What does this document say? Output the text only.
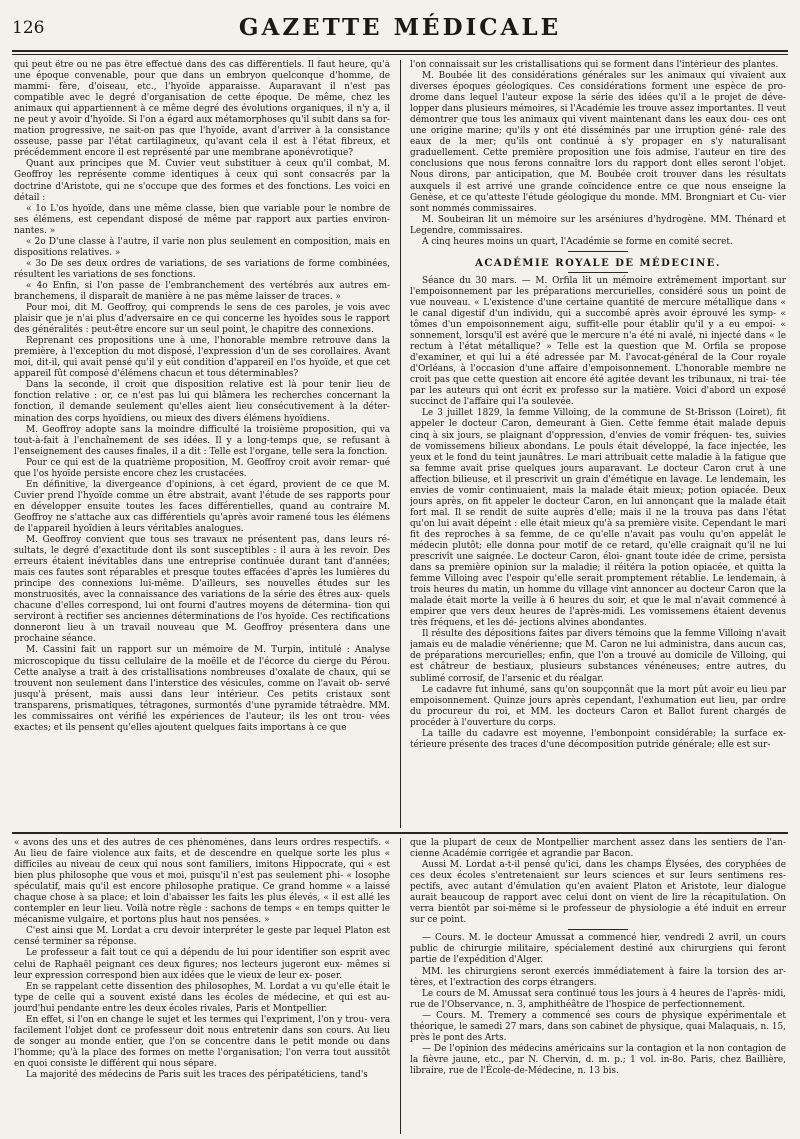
126	GAZETTE MÉDICALE

qui peut être ou ne pas être effectué dans des cas différentiels. Il faut heure, qu'à une époque convenable, pour que dans un embryon quelconque d'homme, de mammi- fère, d'oiseau, etc., l'hyoïde apparaisse. Auparavant il n'est pas compatible avec le degré d'organisation de cette époque. De même, chez les animaux qui appartiennent à ce même degré des évolutions organiques, il n'y a, il ne peut y avoir d'hyoïde. Si l'on a égard aux métamorphoses qu'il subit dans sa for- mation progressive, ne sait-on pas que l'hyoïde, avant d'arriver à la consistance osseuse, passe par l'état cartilagineux, qu'avant cela il est à l'état fibreux, et précédemment encore il est représenté par une membrane aponévrotique?

Quant aux principes que M. Cuvier veut substituer à ceux qu'il combat, M. Geoffroy les représente comme identiques à ceux qui sont consacrés par la doctrine d'Aristote, qui ne s'occupe que des formes et des fonctions. Les voici en détail :

« 1o L'os hyoïde, dans une même classe, bien que variable pour le nombre de ses élémens, est cependant disposé de même par rapport aux parties environ- nantes. »

« 2o D'une classe à l'autre, il varie non plus seulement en composition, mais en dispositions relatives. »

« 3o De ses deux ordres de variations, de ses variations de forme combinées, résultent les variations de ses fonctions.

« 4o Enfin, si l'on passe de l'embranchement des vertébrés aux autres em- branchemens, il disparaît de manière à ne pas même laisser de traces. »

Pour moi, dit M. Geoffroy, qui comprends le sens de ces paroles, je vois avec plaisir que je n'ai plus d'adversaire en ce qui concerne les hyoïdes sous le rapport des généralités : peut-être encore sur un seul point, le chapitre des connexions.

Reprenant ces propositions une à une, l'honorable membre retrouve dans la première, à l'exception du mot disposé, l'expression d'un de ses corollaires. Avant moi, dit-il, qui avait pensé qu'il y eût condition d'appareil en l'os hyoïde, et que cet appareil fût composé d'élémens chacun et tous déterminables?

Dans la seconde, il croit que disposition relative est là pour tenir lieu de fonction relative : or, ce n'est pas lui qui blâmera les recherches concernant la fonction, il demande seulement qu'elles aient lieu consécutivement à la déter- mination des corps hyoïdiens, ou mieux des divers élémens hyoïdiens.

M. Geoffroy adopte sans la moindre difficulté la troisième proposition, qui va tout-à-fait à l'enchaînement de ses idées. Il y a long-temps que, se refusant à l'enseignement des causes finales, il a dit : Telle est l'organe, telle sera la fonction.

Pour ce qui est de la quatrième proposition, M. Geoffroy croit avoir remar- qué que l'os hyoïde persiste encore chez les crustacées.

En définitive, la divergeance d'opinions, à cet égard, provient de ce que M. Cuvier prend l'hyoïde comme un être abstrait, avant l'étude de ses rapports pour en développer ensuite toutes les faces différentielles, quand au contraire M. Geoffroy ne s'attache aux cas différentiels qu'après avoir ramené tous les élémens de l'appareil hyoïdien à leurs véritables analogues.

M. Geoffroy convient que tous ses travaux ne présentent pas, dans leurs ré- sultats, le degré d'exactitude dont ils sont susceptibles : il aura à les revoir. Des erreurs étaient inévitables dans une entreprise continuée durant tant d'années; mais ces fautes sont réparables et presque toutes effacées d'après les lumières du principe des connexions lui-même. D'ailleurs, ses nouvelles études sur les monstruosités, avec la connaissance des variations de la série des êtres aux- quels chacune d'elles correspond, lui ont fourni d'autres moyens de détermina- tion qui serviront à rectifier ses anciennes déterminations de l'os hyoïde. Ces rectifications donneront lieu à un travail nouveau que M. Geoffroy présentera dans une prochaine séance.

M. Cassini fait un rapport sur un mémoire de M. Turpin, intitulé : Analyse microscopique du tissu cellulaire de la moëlle et de l'écorce du cierge du Pérou. Cette analyse a trait à des cristallisations nombreuses d'oxalate de chaux, qui se trouvent non seulement dans l'interstice des vésicules, comme on l'avait ob- servé jusqu'à présent, mais aussi dans leur intérieur. Ces petits cristaux sont transparens, prismatiques, tétragones, surmontés d'une pyramide tétraèdre. MM. les commissaires ont vérifié les expériences de l'auteur; ils les ont trou- vées exactes; et ils pensent qu'elles ajoutent quelques faits importans à ce que

l'on connaissait sur les cristallisations qui se forment dans l'intérieur des plantes.

M. Boubée lit des considérations générales sur les animaux qui vivaient aux diverses époques géologiques. Ces considérations forment une espèce de pro- drome dans lequel l'auteur expose la série des idées qu'il a le projet de déve- lopper dans plusieurs mémoires, si l'Académie les trouve assez importantes. Il veut démontrer que tous les animaux qui vivent maintenant dans les eaux dou- ces ont une origine marine; qu'ils y ont été disséminés par une irruption géné- rale des eaux de la mer; qu'ils ont continué à s'y propager en s'y naturalisant graduellement. Cette première proposition une fois admise, l'auteur en tire des conclusions que nous ferons connaître lors du rapport dont elles seront l'objet. Nous dirons, par anticipation, que M. Boubée croit trouver dans les résultats auxquels il est arrivé une grande coïncidence entre ce que nous enseigne la Genèse, et ce qu'atteste l'étude géologique du monde. MM. Brongniart et Cu- vier sont nommés commissaires.

M. Soubeiran lit un mémoire sur les arséniures d'hydrogène. MM. Thénard et Legendre, commissaires.

A cinq heures moins un quart, l'Académie se forme en comité secret.

ACADÉMIE ROYALE DE MÉDECINE.

Séance du 30 mars. — M. Orfila lit un mémoire extrêmement important sur l'empoisonnement par les préparations mercurielles, considéré sous un point de vue nouveau. « L'existence d'une certaine quantité de mercure métallique dans « le canal digestif d'un individu, qui a succombé après avoir éprouvé les symp- « tômes d'un empoisonnement aigu, suffit-elle pour établir qu'il y a eu empoi- « sonnement, lorsqu'il est avéré que le mercure n'a été ni avalé, ni injecté dans « le rectum à l'état métallique? » Telle est la question que M. Orfila se propose d'examiner, et qui lui a été adressée par M. l'avocat-général de la Cour royale d'Orléans, à l'occasion d'une affaire d'empoisonnement. L'honorable membre ne croit pas que cette question ait encore été agitée devant les tribunaux, ni trai- tée par les auteurs qui ont écrit ex professo sur la matière. Voici d'abord un exposé succinct de l'affaire qui l'a soulevée.

Le 3 juillet 1829, la femme Villoing, de la commune de St-Brisson (Loiret), fit appeler le docteur Caron, demeurant à Gien. Cette femme était malade depuis cinq à six jours, se plaignant d'oppression, d'envies de vomir fréquen- tes, suivies de vomissemens bilieux abondans. Le pouls était développé, la face injectée, les yeux et le fond du teint jaunâtres. Le mari attribuait cette maladie à la fatigue que sa femme avait prise quelques jours auparavant. Le docteur Caron crut à une affection bilieuse, et il prescrivit un grain d'émétique en lavage. Le lendemain, les envies de vomir continuaient, mais la malade était mieux; potion opiacée. Deux jours après, on fit appeler le docteur Caron, en lui annonçant que la malade était fort mal. Il se rendit de suite auprès d'elle; mais il ne la trouva pas dans l'état qu'on lui avait dépeint : elle était mieux qu'à sa première visite. Cependant le mari fit des reproches à sa femme, de ce qu'elle n'avait pas voulu qu'on appelât le médecin plutôt; elle donna pour motif de ce retard, qu'elle craignait qu'il ne lui prescrivît une saignée. Le docteur Caron, éloi- gnant toute idée de crime, persista dans sa première opinion sur la maladie; il réitéra la potion opiacée, et quitta la femme Villoing avec l'espoir qu'elle serait promptement rétablie. Le lendemain, à trois heures du matin, un homme du village vint annoncer au docteur Caron que la malade était morte la veille à 6 heures du soir, et que le mal n'avait commencé à empirer que vers deux heures de l'après-midi. Les vomissemens étaient devenus très fréquens, et les dé- jections alvines abondantes.

Il résulte des dépositions faites par divers témoins que la femme Villoing n'avait jamais eu de maladie vénérienne; que M. Caron ne lui administra, dans aucun cas, de préparations mercurielles; enfin, que l'on a trouvé au domicile de Villoing, qui est châtreur de bestiaux, plusieurs substances vénéneuses; entre autres, du sublimé corrosif, de l'arsenic et du réalgar.

Le cadavre fut inhumé, sans qu'on soupçonnât que la mort pût avoir eu lieu par empoisonnement. Quinze jours après cependant, l'exhumation eut lieu, par ordre du procureur du roi, et MM. les docteurs Caron et Ballot furent chargés de procéder à l'ouverture du corps.

La taille du cadavre est moyenne, l'embonpoint considérable; la surface ex- térieure présente des traces d'une décomposition putride générale; elle est sur-

« avons des uns et des autres de ces phénomènes, dans leurs ordres respectifs. « Au lieu de faire violence aux faits, et de descendre en quelque sorte les plus « difficiles au niveau de ceux qui nous sont familiers, imitons Hippocrate, qui « est bien plus philosophe que vous et moi, puisqu'il n'est pas seulement phi- « losophe spéculatif, mais qu'il est encore philosophe pratique. Ce grand homme « a laissé chaque chose à sa place; et loin d'abaisser les faits les plus élevés, « il est allé les contempler en leur lieu. Voilà notre règle : sachons de temps « en temps quitter le mécanisme vulgaire, et portons plus haut nos pensées. »

C'est ainsi que M. Lordat a cru devoir interpréter le geste par lequel Platon est censé terminer sa réponse.

Le professeur a fait tout ce qui a dépendu de lui pour identifier son esprit avec celui de Raphaël peignant ces deux figures; nos lecteurs jugeront eux- mêmes si leur expression correspond bien aux idées que le vieux de leur ex- poser.

En se rappelant cette dissention des philosophes, M. Lordat a vu qu'elle était le type de celle qui a souvent existé dans les écoles de médecine, et qui est au- jourd'hui pendante entre les deux écoles rivales, Paris et Montpellier.

En effet, si l'on en change le sujet et les termes qui l'expriment, l'on y trou- vera facilement l'objet dont ce professeur doit nous entretenir dans son cours. Au lieu de songer au monde entier, que l'on se concentre dans le petit monde ou dans l'homme; qu'à la place des formes on mette l'organisation; l'on verra tout aussitôt en quoi consiste le différent qui nous sépare.

La majorité des médecins de Paris suit les traces des péripatéticiens, tand's

que la plupart de ceux de Montpellier marchent assez dans les sentiers de l'an- cienne Académie corrigée et agrandie par Bacon.

Aussi M. Lordat a-t-il pensé qu'ici, dans les champs Élysées, des coryphées de ces deux écoles s'entretenaient sur leurs sciences et sur leurs sentimens res- pectifs, avec autant d'émulation qu'en avaient Platon et Aristote, leur dialogue aurait beaucoup de rapport avec celui dont on vient de lire la récapitulation. On verra bientôt par soi-même si le professeur de physiologie a été induit en erreur sur ce point.

— Cours. M. le docteur Amussat a commencé hier, vendredi 2 avril, un cours public de chirurgie militaire, spécialement destiné aux chirurgiens qui feront partie de l'expédition d'Alger.

MM. les chirurgiens seront exercés immédiatement à faire la torsion des ar- tères, et l'extraction des corps étrangers.

Le cours de M. Amussat sera continué tous les jours à 4 heures de l'après- midi, rue de l'Observance, n. 3, amphithéâtre de l'hospice de perfectionnement.

— Cours. M. Tremery a commencé ses cours de physique expérimentale et théorique, le samedi 27 mars, dans son cabinet de physique, quai Malaquais, n. 15, près le pont des Arts.

— De l'opinion des médecins américains sur la contagion et la non contagion de la fièvre jaune, etc., par N. Chervin, d. m. p.; 1 vol. in-8o. Paris, chez Baillière, libraire, rue de l'École-de-Médecine, n. 13 bis.
